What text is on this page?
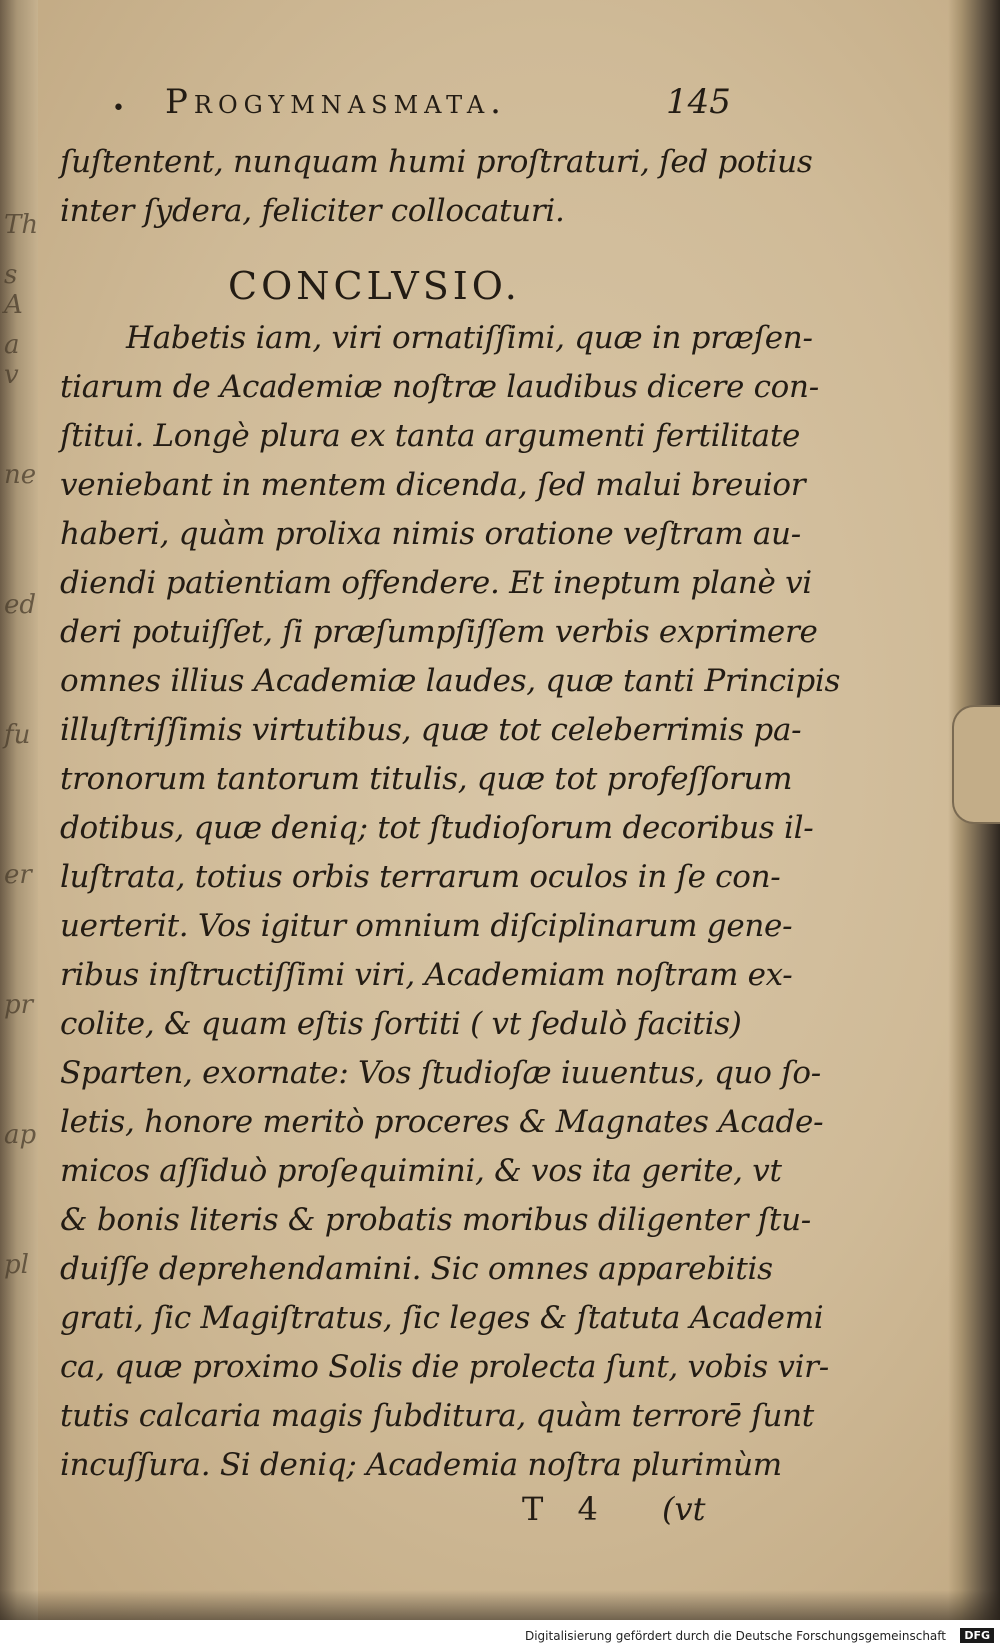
Th
s A
a v
ne
ed
fu
er
pr
ap
pl
• Progymnasmata.	145
ſuſtentent, nunquam humi proſtraturi, ſed potius
inter ſydera, feliciter collocaturi.
CONCLVSIO.
Habetis iam, viri ornatiſſimi, quæ in præſen-
tiarum de Academiæ noſtræ laudibus dicere con-
ſtitui. Longè plura ex tanta argumenti fertilitate
veniebant in mentem dicenda, ſed malui breuior
haberi, quàm prolixa nimis oratione veſtram au-
diendi patientiam offendere. Et ineptum planè vi
deri potuiſſet, ſi præſumpſiſſem verbis exprimere
omnes illius Academiæ laudes, quæ tanti Principis
illuſtriſſimis virtutibus, quæ tot celeberrimis pa-
tronorum tantorum titulis, quæ tot profeſſorum
dotibus, quæ deniq; tot ſtudioſorum decoribus il-
luſtrata, totius orbis terrarum oculos in ſe con-
uerterit. Vos igitur omnium diſciplinarum gene-
ribus inſtructiſſimi viri, Academiam noſtram ex-
colite, & quam eſtis ſortiti ( vt ſedulò facitis)
Sparten, exornate: Vos ſtudioſæ iuuentus, quo ſo-
letis, honore meritò proceres & Magnates Acade-
micos aſſiduò proſequimini, & vos ita gerite, vt
& bonis literis & probatis moribus diligenter ſtu-
duiſſe deprehendamini. Sic omnes apparebitis
grati, ſic Magiſtratus, ſic leges & ſtatuta Academi
ca, quæ proximo Solis die prolecta ſunt, vobis vir-
tutis calcaria magis ſubditura, quàm terrorē ſunt
incuſſura. Si deniq; Academia noſtra plurimùm
T 4 (vt
Digitalisierung gefördert durch die Deutsche Forschungsgemeinschaft	DFG
